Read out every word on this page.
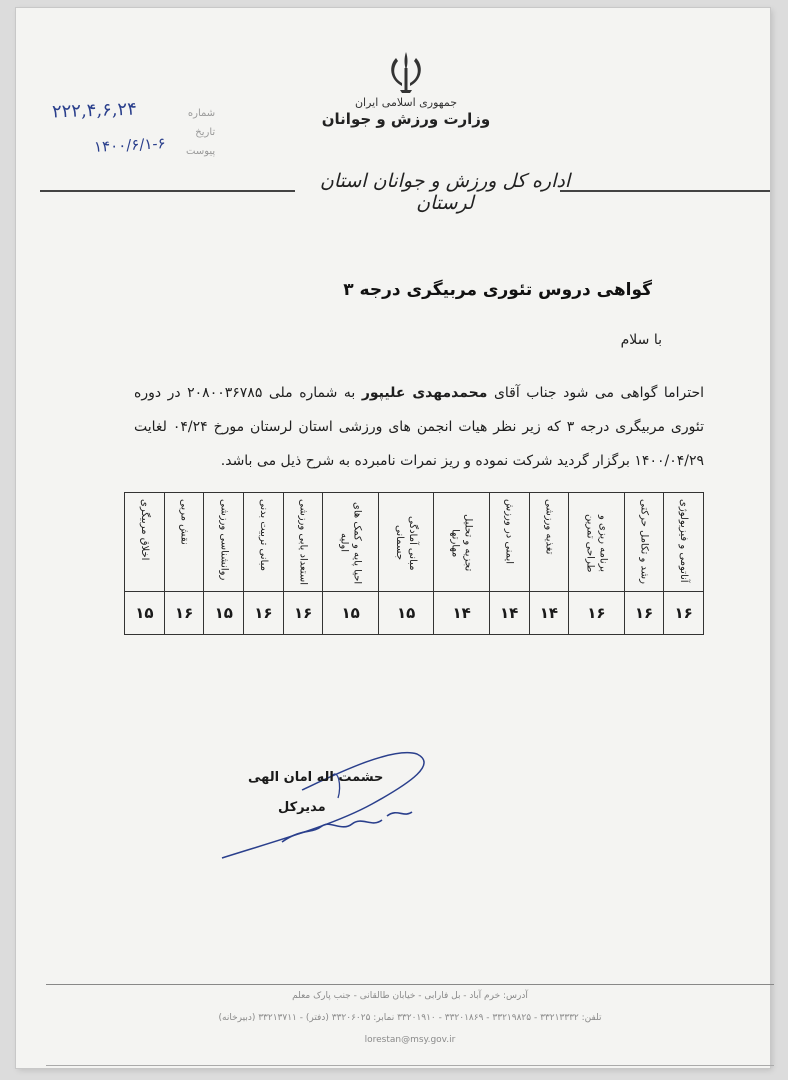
جمهوری اسلامی ایران
وزارت ورزش و جوانان
شماره
تاریخ
پیوست
۲۲۲,۴,۶,۲۴
۱۴۰۰/۶/۱-۶
اداره کل ورزش و جوانان استان لرستان
گواهی دروس تئوری مربیگری درجه ۳
با سلام
احتراما گواهی می شود جناب آقای محمدمهدی علیپور به شماره ملی ۲۰۸۰۰۳۶۷۸۵ در دوره تئوری مربیگری درجه ۳ که زیر نظر هیات انجمن های ورزشی استان لرستان مورخ ۰۴/۲۴ لغایت ۱۴۰۰/۰۴/۲۹ برگزار گردید شرکت نموده و ریز نمرات نامبرده به شرح ذیل می باشد.
آناتومی و فیزیولوژی	رشد و تکامل حرکتی	برنامه ریزی و طراحی تمرین	تغذیه ورزشی	ایمنی در ورزش	تجزیه و تحلیل مهارتها	مبانی آمادگی جسمانی	احیا پایه و کمک های اولیه	استعداد یابی ورزشی	مبانی تربیت بدنی	روانشناسی ورزشی	نقش مربی	اخلاق مربیگری

۱۶	۱۶	۱۶	۱۴	۱۴	۱۴	۱۵	۱۵	۱۶	۱۶	۱۵	۱۶	۱۵
حشمت اله امان الهی
مدیرکل
آدرس: خرم آباد - بل فارابی - خیابان طالقانی - جنب پارک معلم
تلفن: ۳۳۲۱۳۳۳۲ - ۳۳۲۱۹۸۲۵ - ۳۳۲۰۱۸۶۹ - ۳۳۲۰۱۹۱۰ نمابر: ۳۳۲۰۶۰۲۵ (دفتر) - ۳۳۲۱۳۷۱۱ (دبیرخانه)
lorestan@msy.gov.ir
